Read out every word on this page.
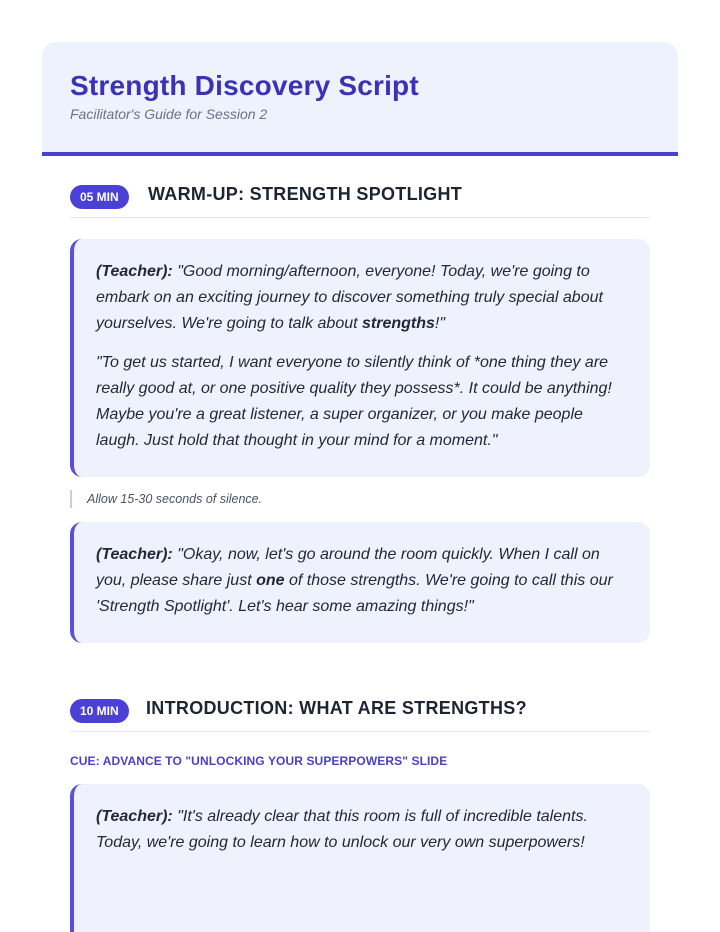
Strength Discovery Script
Facilitator's Guide for Session 2
05 MIN	WARM-UP: STRENGTH SPOTLIGHT

(Teacher): "Good morning/afternoon, everyone! Today, we're going to embark on an exciting journey to discover something truly special about yourselves. We're going to talk about strengths!"

"To get us started, I want everyone to silently think of *one thing they are really good at, or one positive quality they possess*. It could be anything! Maybe you're a great listener, a super organizer, or you make people laugh. Just hold that thought in your mind for a moment."

Allow 15-30 seconds of silence.

(Teacher): "Okay, now, let's go around the room quickly. When I call on you, please share just one of those strengths. We're going to call this our 'Strength Spotlight'. Let's hear some amazing things!"

10 MIN	INTRODUCTION: WHAT ARE STRENGTHS?
CUE: ADVANCE TO "UNLOCKING YOUR SUPERPOWERS" SLIDE

(Teacher): "It's already clear that this room is full of incredible talents. Today, we're going to learn how to unlock our very own superpowers!
